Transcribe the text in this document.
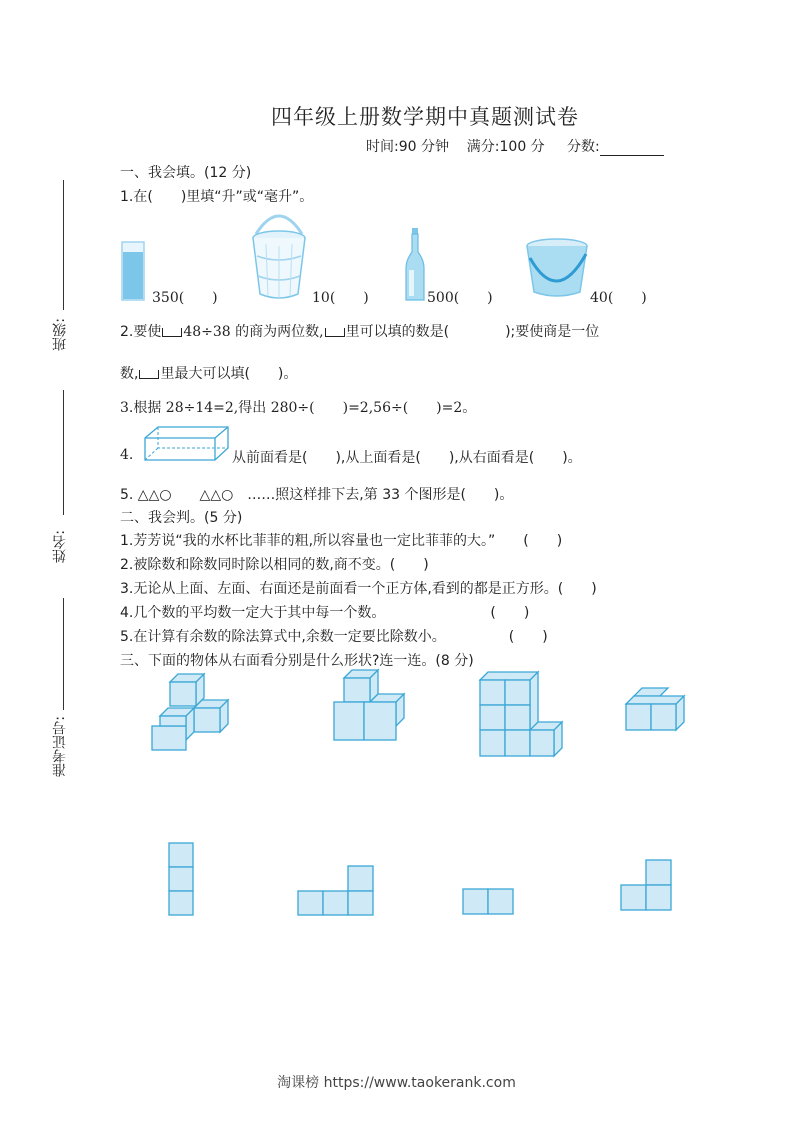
四年级上册数学期中真题测试卷
时间:90 分钟 满分:100 分 分数:
班级:
姓名:
准考证号:
一、我会填。(12 分)
1.在(　　)里填“升”或“毫升”。
350(　　)	10(　　)	500(　　)	40(　　)
2.要使 48÷38 的商为两位数, 里可以填的数是(　　　　);要使商是一位
数, 里最大可以填(　　)。
3.根据 28÷14=2,得出 280÷(　　)=2,56÷(　　)=2。
4.	从前面看是(　　),从上面看是(　　),从右面看是(　　)。
5. △△○　　△△○　……照这样排下去,第 33 个图形是(　　)。
二、我会判。(5 分)
1.芳芳说“我的水杯比菲菲的粗,所以容量也一定比菲菲的大。”　　(　　)
2.被除数和除数同时除以相同的数,商不变。(　　)
3.无论从上面、左面、右面还是前面看一个正方体,看到的都是正方形。(　　)
4.几个数的平均数一定大于其中每一个数。　　　　　　　　(　　)
5.在计算有余数的除法算式中,余数一定要比除数小。　　　　　(　　)
三、下面的物体从右面看分别是什么形状?连一连。(8 分)
淘课榜 https://www.taokerank.com
